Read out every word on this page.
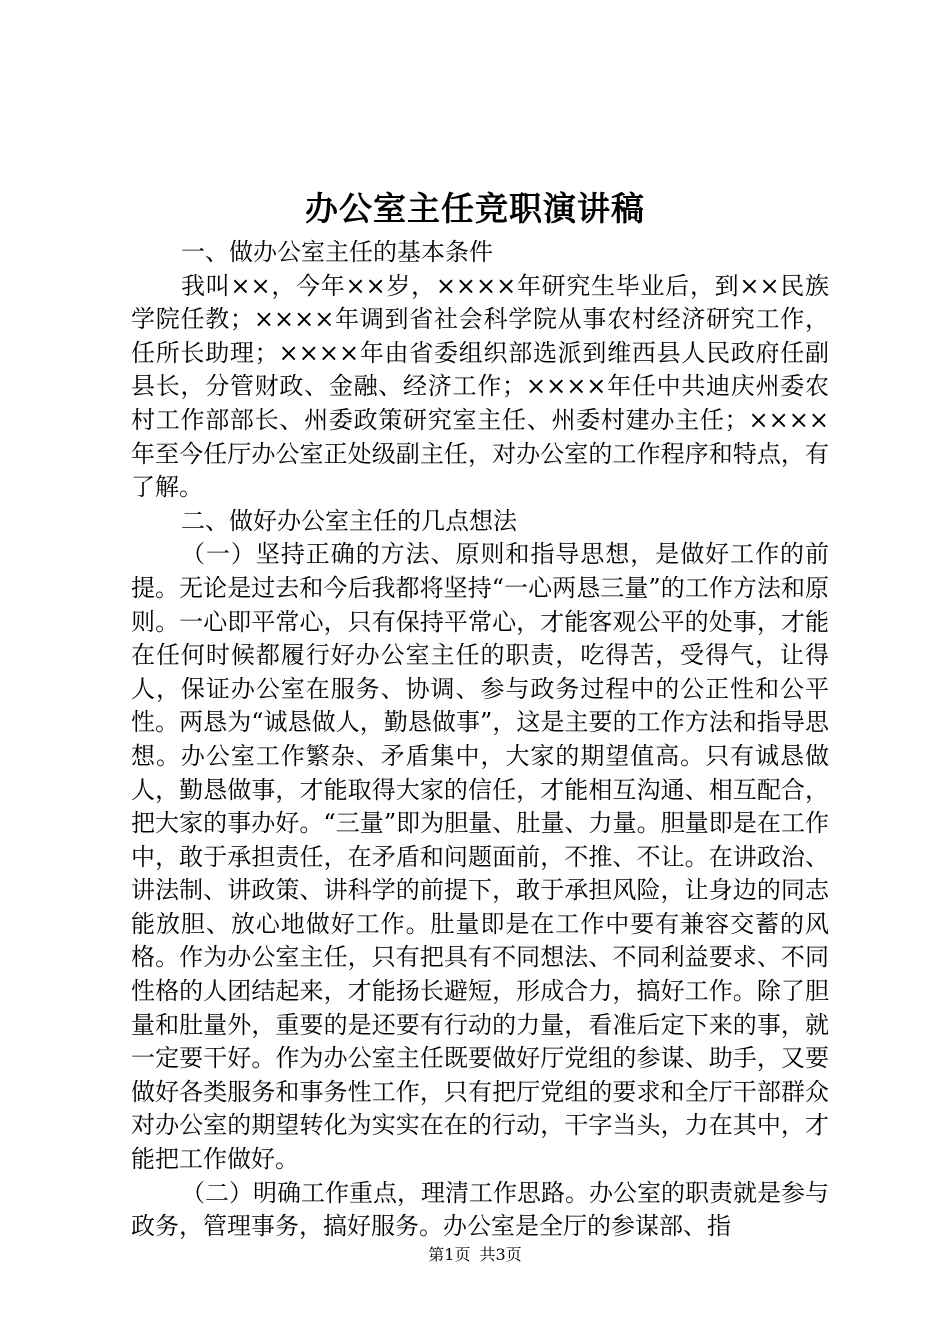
办公室主任竞职演讲稿

一、做办公室主任的基本条件

我叫××，今年××岁，××××年研究生毕业后，到××民族学院任教；××××年调到省社会科学院从事农村经济研究工作，任所长助理；××××年由省委组织部选派到维西县人民政府任副县长，分管财政、金融、经济工作；××××年任中共迪庆州委农村工作部部长、州委政策研究室主任、州委村建办主任；××××年至今任厅办公室正处级副主任，对办公室的工作程序和特点，有了解。

二、做好办公室主任的几点想法

（一）坚持正确的方法、原则和指导思想，是做好工作的前提。无论是过去和今后我都将坚持“一心两恳三量”的工作方法和原则。一心即平常心，只有保持平常心，才能客观公平的处事，才能在任何时候都履行好办公室主任的职责，吃得苦，受得气，让得人，保证办公室在服务、协调、参与政务过程中的公正性和公平性。两恳为“诚恳做人，勤恳做事”，这是主要的工作方法和指导思想。办公室工作繁杂、矛盾集中，大家的期望值高。只有诚恳做人，勤恳做事，才能取得大家的信任，才能相互沟通、相互配合，把大家的事办好。“三量”即为胆量、肚量、力量。胆量即是在工作中，敢于承担责任，在矛盾和问题面前，不推、不让。在讲政治、讲法制、讲政策、讲科学的前提下，敢于承担风险，让身边的同志能放胆、放心地做好工作。肚量即是在工作中要有兼容交蓄的风格。作为办公室主任，只有把具有不同想法、不同利益要求、不同性格的人团结起来，才能扬长避短，形成合力，搞好工作。除了胆量和肚量外，重要的是还要有行动的力量，看准后定下来的事，就一定要干好。作为办公室主任既要做好厅党组的参谋、助手，又要做好各类服务和事务性工作，只有把厅党组的要求和全厅干部群众对办公室的期望转化为实实在在的行动，干字当头，力在其中，才能把工作做好。

（二）明确工作重点，理清工作思路。办公室的职责就是参与政务，管理事务，搞好服务。办公室是全厅的参谋部、指

第1页 共3页
